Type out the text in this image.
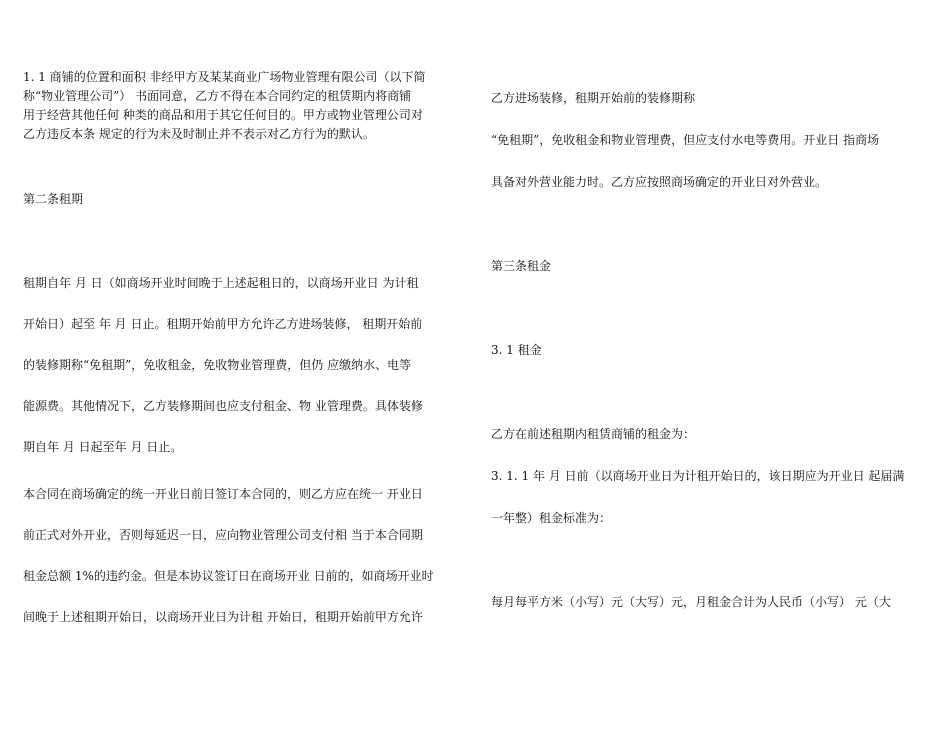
1. 1 商铺的位置和面积 非经甲方及某某商业广场物业管理有限公司（以下简
称“物业管理公司”） 书面同意，乙方不得在本合同约定的租赁期内将商铺
用于经营其他任何 种类的商品和用于其它任何目的。甲方或物业管理公司对
乙方违反本条 规定的行为未及时制止并不表示对乙方行为的默认。
第二条租期
租期自年 月 日（如商场开业时间晚于上述起租日的，以商场开业日 为计租
开始日）起至 年 月 日止。租期开始前甲方允许乙方进场装修， 租期开始前
的装修期称“免租期”，免收租金，免收物业管理费，但仍 应缴纳水、电等
能源费。其他情况下，乙方装修期间也应支付租金、物 业管理费。具体装修
期自年 月 日起至年 月 日止。
本合同在商场确定的统一开业日前日签订本合同的，则乙方应在统一 开业日
前正式对外开业，否则每延迟一日，应向物业管理公司支付相 当于本合同期
租金总额 1%的违约金。但是本协议签订日在商场开业 日前的，如商场开业时
间晚于上述租期开始日，以商场开业日为计租 开始日，租期开始前甲方允许
乙方进场装修，租期开始前的装修期称
“免租期”，免收租金和物业管理费，但应支付水电等费用。开业日 指商场
具备对外营业能力时。乙方应按照商场确定的开业日对外营业。
第三条租金
3. 1 租金
乙方在前述租期内租赁商铺的租金为：
3. 1. 1 年 月 日前（以商场开业日为计租开始日的，该日期应为开业日 起届满
一年整）租金标准为：
每月每平方米（小写）元（大写）元，月租金合计为人民币（小写） 元（大
